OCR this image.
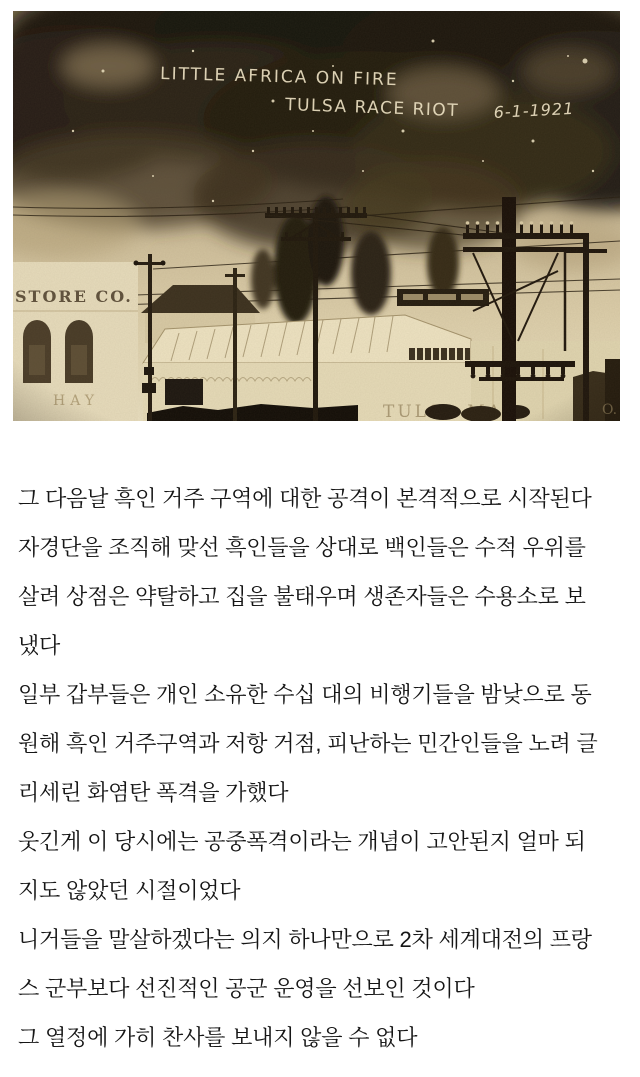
그 다음날 흑인 거주 구역에 대한 공격이 본격적으로 시작된다
자경단을 조직해 맞선 흑인들을 상대로 백인들은 수적 우위를
살려 상점은 약탈하고 집을 불태우며 생존자들은 수용소로 보
냈다
일부 갑부들은 개인 소유한 수십 대의 비행기들을 밤낮으로 동
원해 흑인 거주구역과 저항 거점, 피난하는 민간인들을 노려 글
리세린 화염탄 폭격을 가했다
웃긴게 이 당시에는 공중폭격이라는 개념이 고안된지 얼마 되
지도 않았던 시절이었다
니거들을 말살하겠다는 의지 하나만으로 2차 세계대전의 프랑
스 군부보다 선진적인 공군 운영을 선보인 것이다
그 열정에 가히 찬사를 보내지 않을 수 없다
